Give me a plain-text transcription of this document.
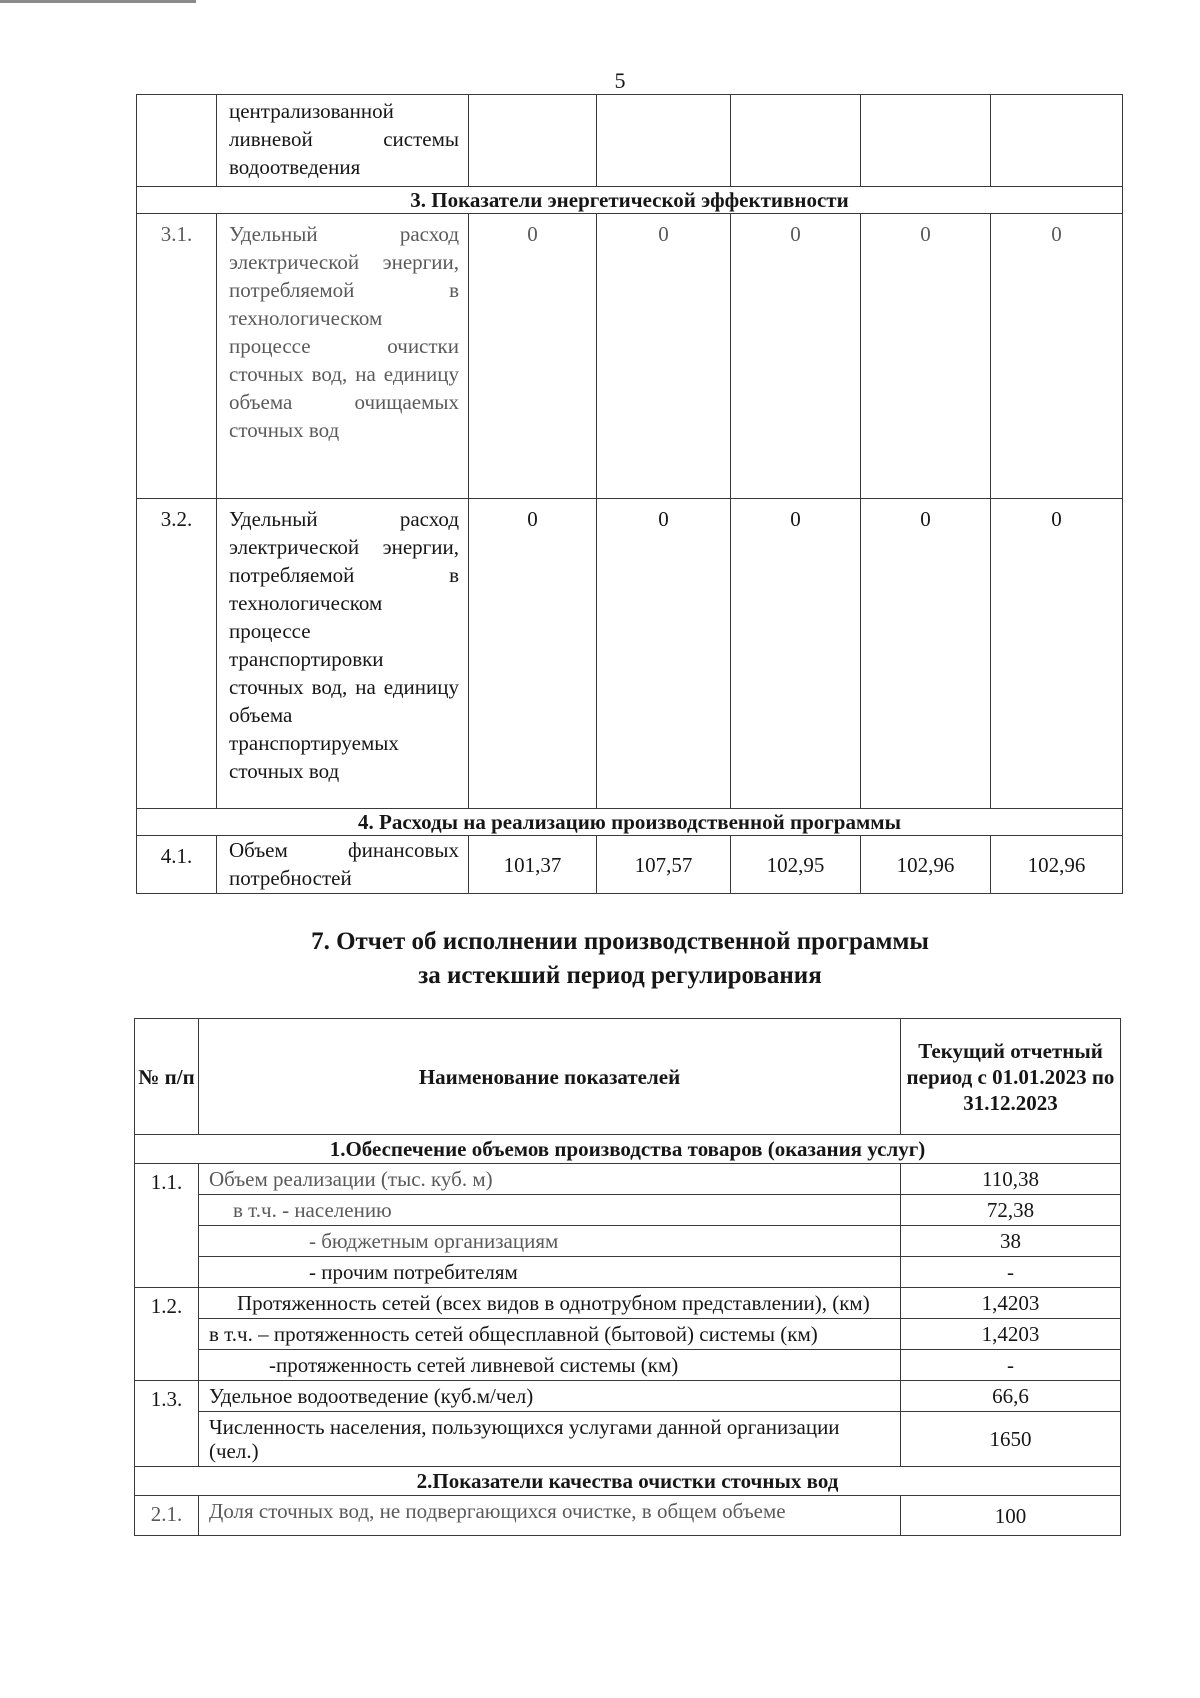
5
	централизованной ливневой системы водоотведения					
3. Показатели энергетической эффективности						
3.1.	Удельный расход электрической энергии, потребляемой в технологическом процессе очистки сточных вод, на единицу объема очищаемых сточных вод	0	0	0	0	0
3.2.	Удельный расход электрической энергии, потребляемой в технологическом процессе транспортировки сточных вод, на единицу объема транспортируемых сточных вод	0	0	0	0	0
4. Расходы на реализацию производственной программы						
4.1.	Объем финансовых потребностей	101,37	107,57	102,95	102,96	102,96
7. Отчет об исполнении производственной программы
за истекший период регулирования
№ п/п	Наименование показателей	Текущий отчетный период с 01.01.2023 по 31.12.2023
1.Обеспечение объемов производства товаров (оказания услуг)		
1.1.	Объем реализации (тыс. куб. м)	110,38
	в т.ч. - населению	72,38
	- бюджетным организациям	38
	- прочим потребителям	-
1.2.	Протяженность сетей (всех видов в однотрубном представлении), (км)	1,4203
	в т.ч. – протяженность сетей общесплавной (бытовой) системы (км)	1,4203
	-протяженность сетей ливневой системы (км)	-
1.3.	Удельное водоотведение (куб.м/чел)	66,6
	Численность населения, пользующихся услугами данной организации (чел.)	1650
2.Показатели качества очистки сточных вод		
2.1.	Доля сточных вод, не подвергающихся очистке, в общем объеме	100
